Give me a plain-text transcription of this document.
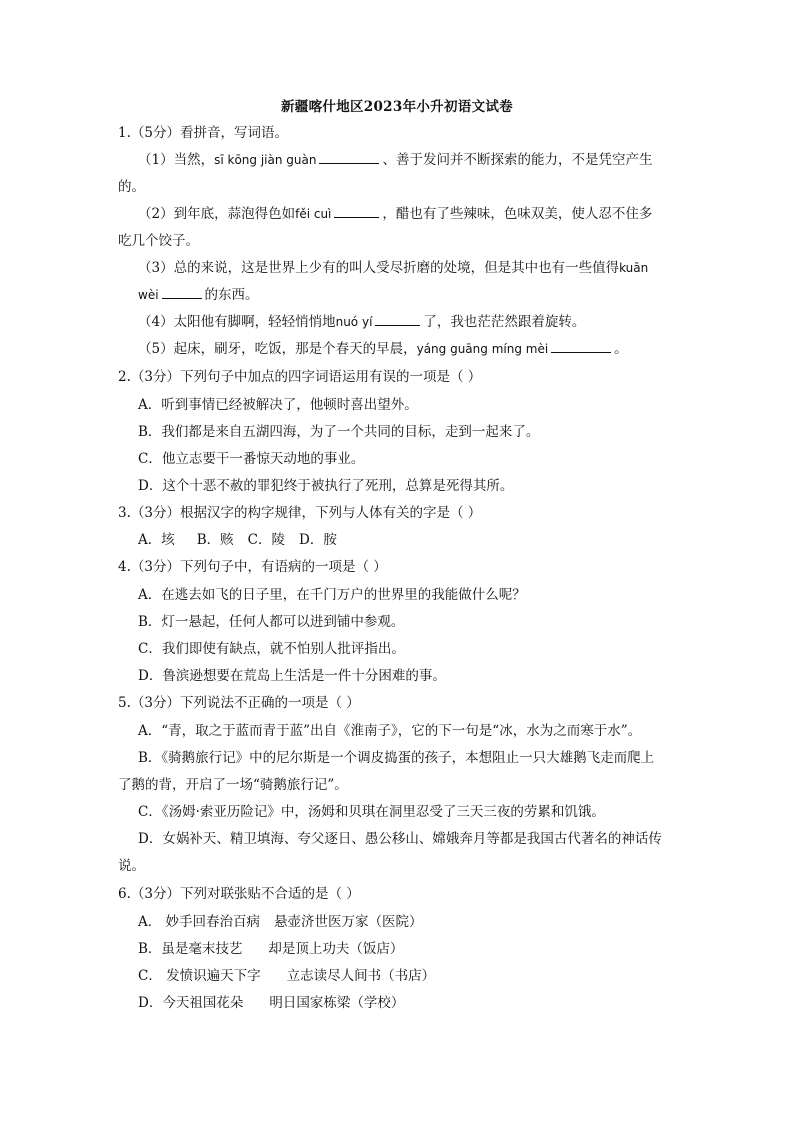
新疆喀什地区2023年小升初语文试卷
1.（5分）看拼音，写词语。
（1）当然，sī kōng jiàn guàn	、善于发问并不断探索的能力，不是凭空产生
的。
（2）到年底，蒜泡得色如fěi cuì	，醋也有了些辣味，色味双美，使人忍不住多
吃几个饺子。
（3）总的来说，这是世界上少有的叫人受尽折磨的处境，但是其中也有一些值得kuān
wèi	的东西。
（4）太阳他有脚啊，轻轻悄悄地nuó yí	了，我也茫茫然跟着旋转。
（5）起床，刷牙，吃饭，那是个春天的早晨，yáng guāng míng mèi	。
2.（3分）下列句子中加点的四字词语运用有误的一项是（ ）
A．听到事情已经被解决了，他顿时喜出望外。
B．我们都是来自五湖四海，为了一个共同的目标，走到一起来了。
C．他立志要干一番惊天动地的事业。
D．这个十恶不赦的罪犯终于被执行了死刑，总算是死得其所。
3.（3分）根据汉字的构字规律，下列与人体有关的字是（ ）
A．垓 B．赅 C．陵 D．胺
4.（3分）下列句子中，有语病的一项是（ ）
A．在逃去如飞的日子里，在千门万户的世界里的我能做什么呢？
B．灯一悬起，任何人都可以进到铺中参观。
C．我们即使有缺点，就不怕别人批评指出。
D．鲁滨逊想要在荒岛上生活是一件十分困难的事。
5.（3分）下列说法不正确的一项是（ ）
A．“青，取之于蓝而青于蓝”出自《淮南子》，它的下一句是“冰，水为之而寒于水”。
B．《骑鹅旅行记》中的尼尔斯是一个调皮捣蛋的孩子，本想阻止一只大雄鹅飞走而爬上
了鹅的背，开启了一场“骑鹅旅行记”。
C．《汤姆·索亚历险记》中，汤姆和贝琪在洞里忍受了三天三夜的劳累和饥饿。
D．女娲补天、精卫填海、夸父逐日、愚公移山、嫦娥奔月等都是我国古代著名的神话传
说。
6.（3分）下列对联张贴不合适的是（ ）
A． 妙手回春治百病 悬壶济世医万家（医院）
B．虽是毫末技艺 却是顶上功夫（饭店）
C． 发愤识遍天下字 立志读尽人间书（书店）
D．今天祖国花朵 明日国家栋梁（学校）
